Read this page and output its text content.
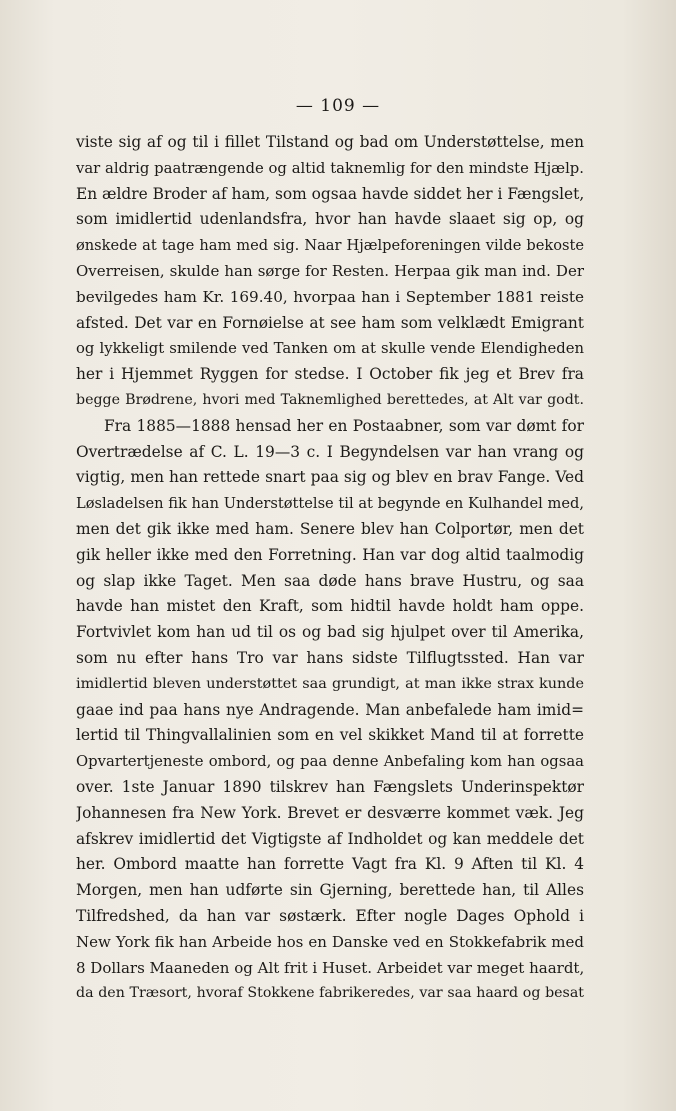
— 109 —
viste sig af og til i fillet Tilstand og bad om Understøttelse, men
var aldrig paatrængende og altid taknemlig for den mindste Hjælp.
En ældre Broder af ham, som ogsaa havde siddet her i Fængslet,
som imidlertid udenlandsfra, hvor han havde slaaet sig op, og
ønskede at tage ham med sig. Naar Hjælpeforeningen vilde bekoste
Overreisen, skulde han sørge for Resten. Herpaa gik man ind. Der
bevilgedes ham Kr. 169.40, hvorpaa han i September 1881 reiste
afsted. Det var en Fornøielse at see ham som velklædt Emigrant
og lykkeligt smilende ved Tanken om at skulle vende Elendigheden
her i Hjemmet Ryggen for stedse. I October fik jeg et Brev fra
begge Brødrene, hvori med Taknemlighed berettedes, at Alt var godt.
Fra 1885—1888 hensad her en Postaabner, som var dømt for
Overtrædelse af C. L. 19—3 c. I Begyndelsen var han vrang og
vigtig, men han rettede snart paa sig og blev en brav Fange. Ved
Løsladelsen fik han Understøttelse til at begynde en Kulhandel med,
men det gik ikke med ham. Senere blev han Colportør, men det
gik heller ikke med den Forretning. Han var dog altid taalmodig
og slap ikke Taget. Men saa døde hans brave Hustru, og saa
havde han mistet den Kraft, som hidtil havde holdt ham oppe.
Fortvivlet kom han ud til os og bad sig hjulpet over til Amerika,
som nu efter hans Tro var hans sidste Tilflugtssted. Han var
imidlertid bleven understøttet saa grundigt, at man ikke strax kunde
gaae ind paa hans nye Andragende. Man anbefalede ham imid=
lertid til Thingvallalinien som en vel skikket Mand til at forrette
Opvartertjeneste ombord, og paa denne Anbefaling kom han ogsaa
over. 1ste Januar 1890 tilskrev han Fængslets Underinspektør
Johannesen fra New York. Brevet er desværre kommet væk. Jeg
afskrev imidlertid det Vigtigste af Indholdet og kan meddele det
her. Ombord maatte han forrette Vagt fra Kl. 9 Aften til Kl. 4
Morgen, men han udførte sin Gjerning, berettede han, til Alles
Tilfredshed, da han var søstærk. Efter nogle Dages Ophold i
New York fik han Arbeide hos en Danske ved en Stokkefabrik med
8 Dollars Maaneden og Alt frit i Huset. Arbeidet var meget haardt,
da den Træsort, hvoraf Stokkene fabrikeredes, var saa haard og besat
